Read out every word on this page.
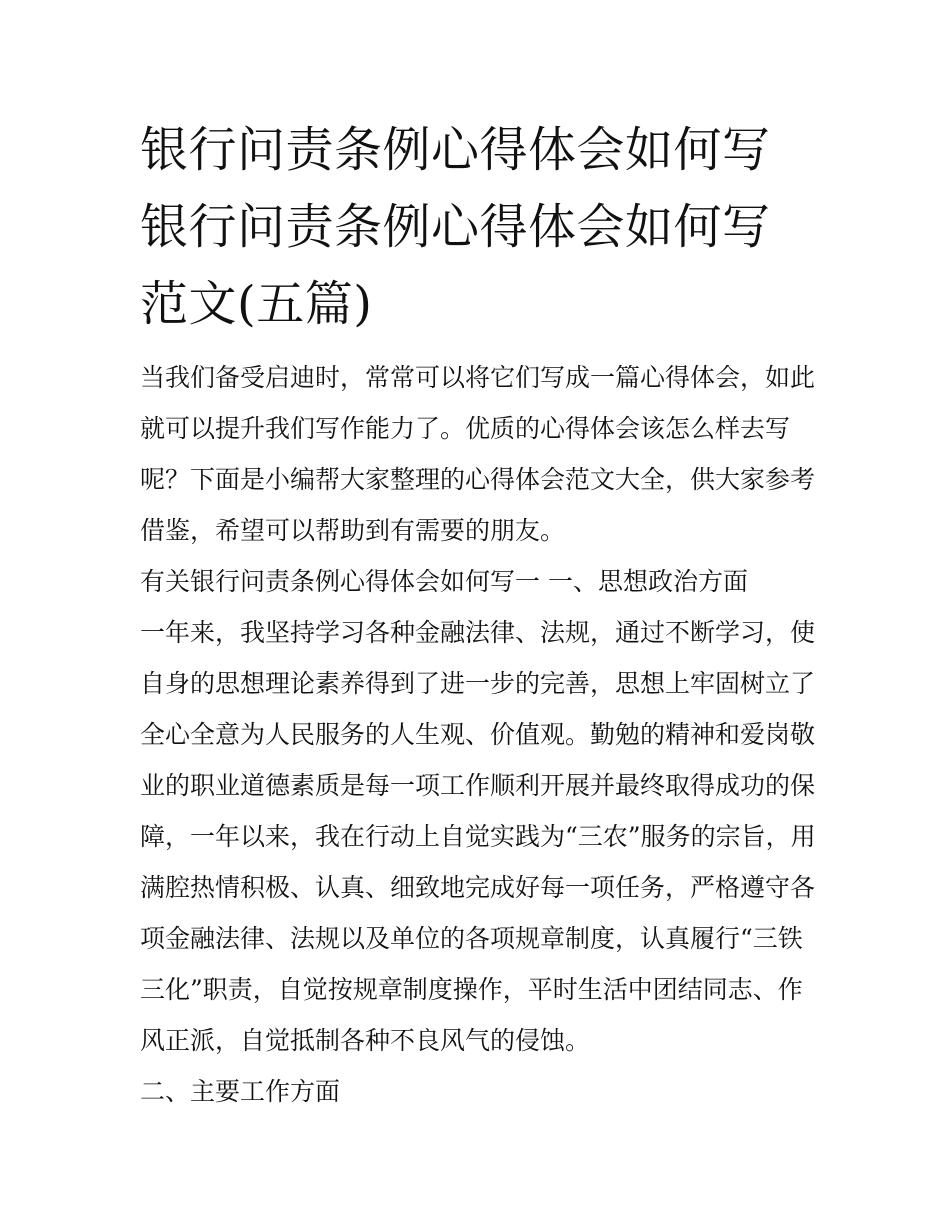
银行问责条例心得体会如何写
银行问责条例心得体会如何写
范文(五篇)

当我们备受启迪时，常常可以将它们写成一篇心得体会，如此

就可以提升我们写作能力了。优质的心得体会该怎么样去写

呢？下面是小编帮大家整理的心得体会范文大全，供大家参考

借鉴，希望可以帮助到有需要的朋友。

有关银行问责条例心得体会如何写一 一、思想政治方面

一年来，我坚持学习各种金融法律、法规，通过不断学习，使

自身的思想理论素养得到了进一步的完善，思想上牢固树立了

全心全意为人民服务的人生观、价值观。勤勉的精神和爱岗敬

业的职业道德素质是每一项工作顺利开展并最终取得成功的保

障，一年以来，我在行动上自觉实践为“三农”服务的宗旨，用

满腔热情积极、认真、细致地完成好每一项任务，严格遵守各

项金融法律、法规以及单位的各项规章制度，认真履行“三铁

三化”职责，自觉按规章制度操作，平时生活中团结同志、作

风正派，自觉抵制各种不良风气的侵蚀。

二、主要工作方面
